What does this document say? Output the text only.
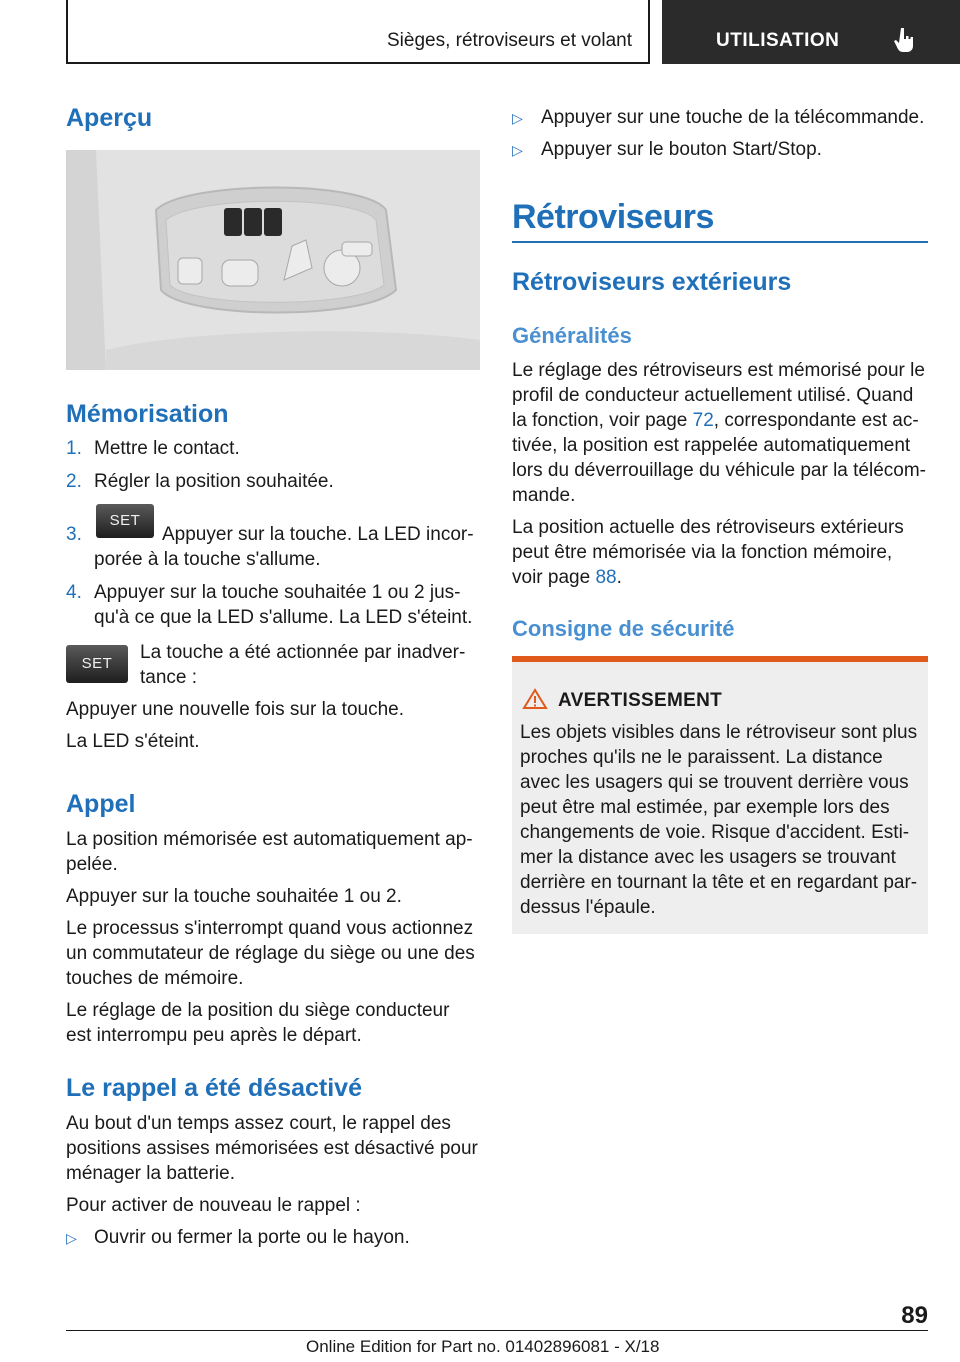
Sièges, rétroviseurs et volant	UTILISATION
Aperçu
Mémorisation
1. Mettre le contact.
2. Régler la position souhaitée.
3.
SET
Appuyer sur la touche. La LED incor-
porée à la touche s'allume.
4. Appuyer sur la touche souhaitée 1 ou 2 jus-
qu'à ce que la LED s'allume. La LED s'éteint.
SET
La touche a été actionnée par inadver-
tance :
Appuyer une nouvelle fois sur la touche.
La LED s'éteint.
Appel
La position mémorisée est automatiquement ap-
pelée.
Appuyer sur la touche souhaitée 1 ou 2.
Le processus s'interrompt quand vous actionnez
un commutateur de réglage du siège ou une des
touches de mémoire.
Le réglage de la position du siège conducteur
est interrompu peu après le départ.
Le rappel a été désactivé
Au bout d'un temps assez court, le rappel des
positions assises mémorisées est désactivé pour
ménager la batterie.
Pour activer de nouveau le rappel :
▷ Ouvrir ou fermer la porte ou le hayon.
▷ Appuyer sur une touche de la télécommande.
▷ Appuyer sur le bouton Start/Stop.
Rétroviseurs
Rétroviseurs extérieurs
Généralités
Le réglage des rétroviseurs est mémorisé pour le
profil de conducteur actuellement utilisé. Quand
la fonction, voir page 72, correspondante est ac-
tivée, la position est rappelée automatiquement
lors du déverrouillage du véhicule par la télécom-
mande.
La position actuelle des rétroviseurs extérieurs
peut être mémorisée via la fonction mémoire,
voir page 88.
Consigne de sécurité
AVERTISSEMENT
Les objets visibles dans le rétroviseur sont plus
proches qu'ils ne le paraissent. La distance
avec les usagers qui se trouvent derrière vous
peut être mal estimée, par exemple lors des
changements de voie. Risque d'accident. Esti-
mer la distance avec les usagers se trouvant
derrière en tournant la tête et en regardant par-
dessus l'épaule.
89
Online Edition for Part no. 01402896081 - X/18
